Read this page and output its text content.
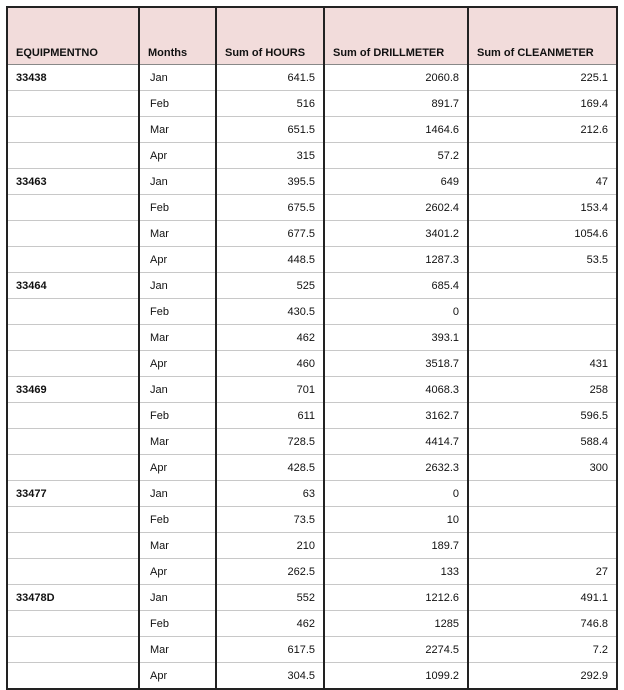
EQUIPMENTNO	Months	Sum of HOURS	Sum of DRILLMETER	Sum of CLEANMETER
33438	Jan	641.5	2060.8	225.1
	Feb	516	891.7	169.4
	Mar	651.5	1464.6	212.6
	Apr	315	57.2	
33463	Jan	395.5	649	47
	Feb	675.5	2602.4	153.4
	Mar	677.5	3401.2	1054.6
	Apr	448.5	1287.3	53.5
33464	Jan	525	685.4	
	Feb	430.5	0	
	Mar	462	393.1	
	Apr	460	3518.7	431
33469	Jan	701	4068.3	258
	Feb	611	3162.7	596.5
	Mar	728.5	4414.7	588.4
	Apr	428.5	2632.3	300
33477	Jan	63	0	
	Feb	73.5	10	
	Mar	210	189.7	
	Apr	262.5	133	27
33478D	Jan	552	1212.6	491.1
	Feb	462	1285	746.8
	Mar	617.5	2274.5	7.2
	Apr	304.5	1099.2	292.9
